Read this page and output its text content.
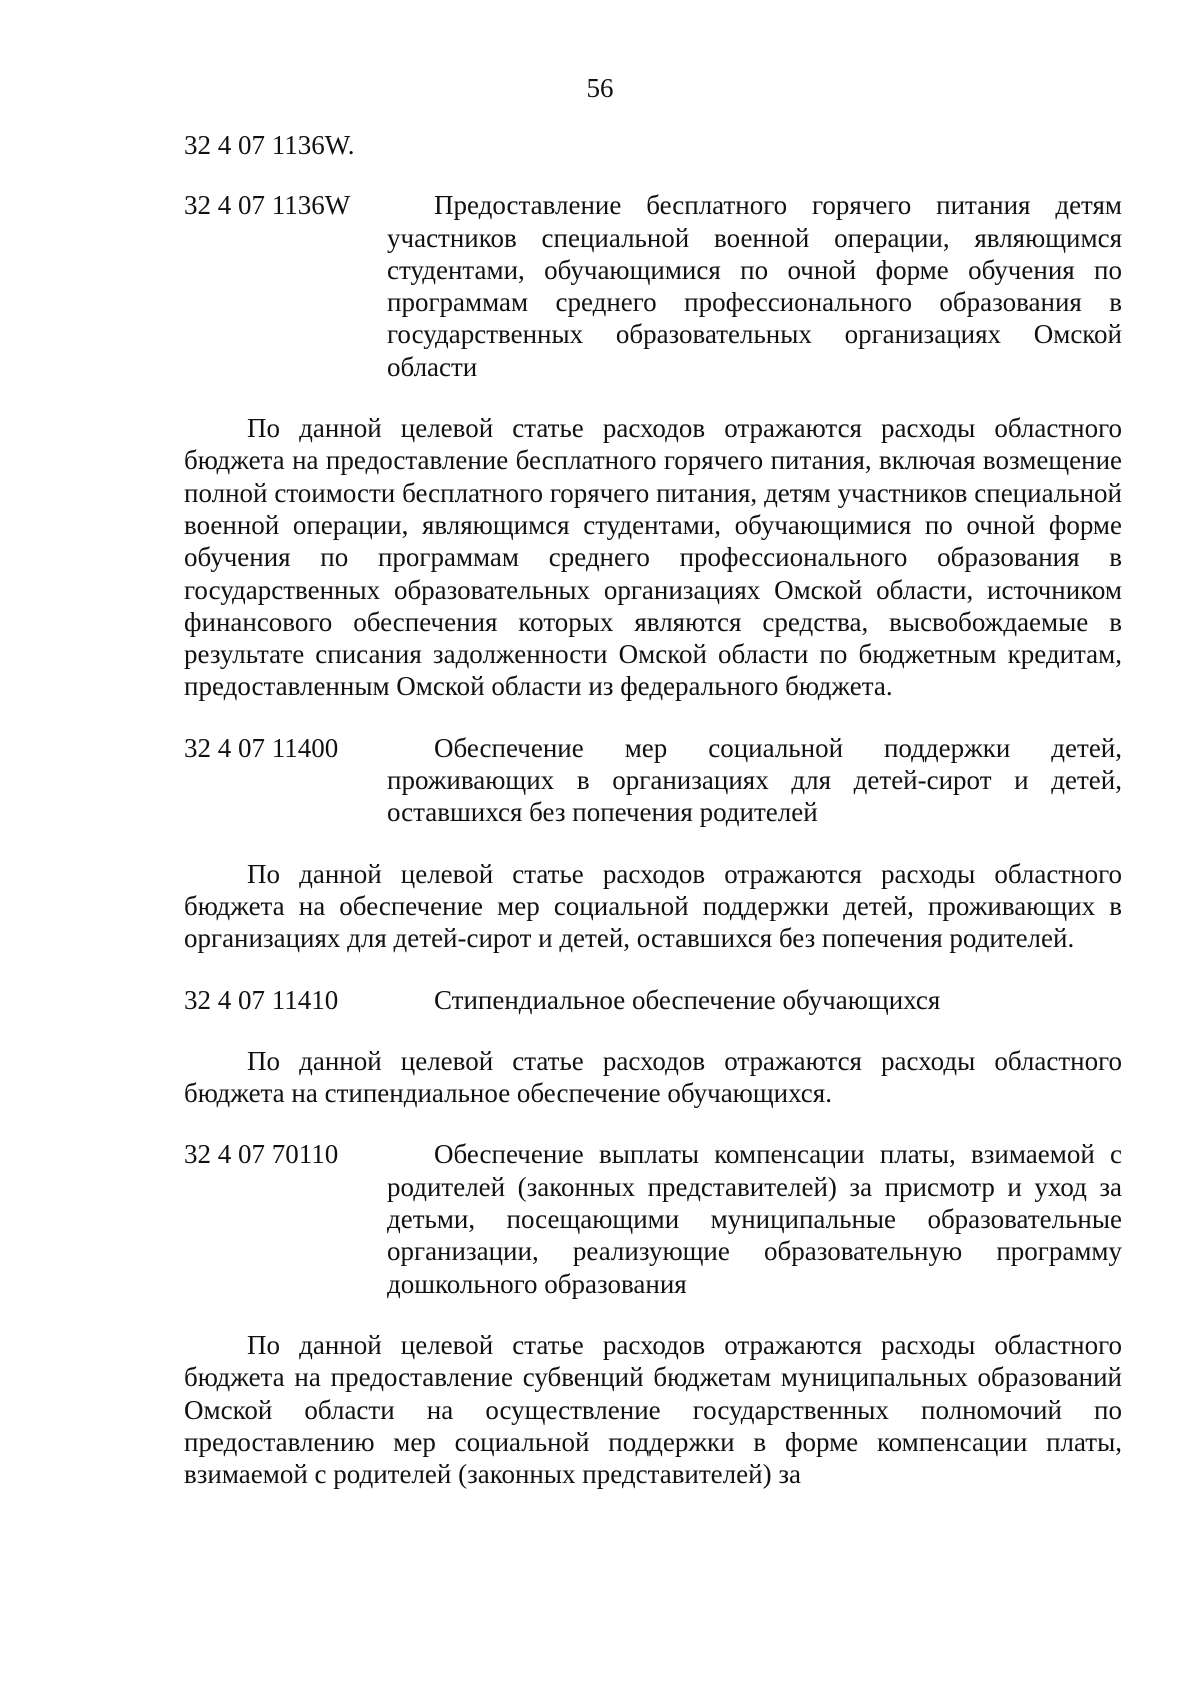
56
32 4 07 1136W.
32 4 07 1136W	Предоставление бесплатного горячего питания детям участников специальной военной операции, являющимся студентами, обучающимися по очной форме обучения по программам среднего профессионального образования в государственных образовательных организациях Омской области
По данной целевой статье расходов отражаются расходы областного бюджета на предоставление бесплатного горячего питания, включая возмещение полной стоимости бесплатного горячего питания, детям участников специальной военной операции, являющимся студентами, обучающимися по очной форме обучения по программам среднего профессионального образования в государственных образовательных организациях Омской области, источником финансового обеспечения которых являются средства, высвобождаемые в результате списания задолженности Омской области по бюджетным кредитам, предоставленным Омской области из федерального бюджета.
32 4 07 11400	Обеспечение мер социальной поддержки детей, проживающих в организациях для детей-сирот и детей, оставшихся без попечения родителей
По данной целевой статье расходов отражаются расходы областного бюджета на обеспечение мер социальной поддержки детей, проживающих в организациях для детей-сирот и детей, оставшихся без попечения родителей.
32 4 07 11410	Стипендиальное обеспечение обучающихся
По данной целевой статье расходов отражаются расходы областного бюджета на стипендиальное обеспечение обучающихся.
32 4 07 70110	Обеспечение выплаты компенсации платы, взимаемой с родителей (законных представителей) за присмотр и уход за детьми, посещающими муниципальные образовательные организации, реализующие образовательную программу дошкольного образования
По данной целевой статье расходов отражаются расходы областного бюджета на предоставление субвенций бюджетам муниципальных образований Омской области на осуществление государственных полномочий по предоставлению мер социальной поддержки в форме компенсации платы, взимаемой с родителей (законных представителей) за
